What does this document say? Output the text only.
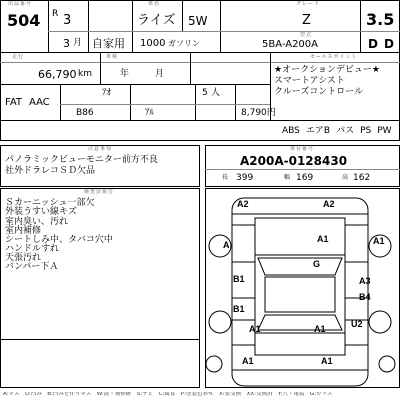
出品番号	車名	グレード
504 R 3	ライズ 5W	Z	3.5
3 月 自家用 1000 ガソリン
型式
5BA-A200A	D D
走行	車検	セールスポイント
66,790 km	年	月	★オークションデビュー★
スマートアシスト
クルーズコントロール
FAT AAC
ｱｵ	5 人
B86	ｱﾙ	8,790円
ABS エアB パス PS PW
注意事項
パノラミックビューモニター前方不良
社外ドラレコＳＤ欠品
車台番号
A200A-0128430
長 399	幅 169	高 162
検査員報告
Ｓカーニッシュ一部欠
外装うすい線キズ
室内臭い、汚れ
室内補修
シートしみ中、タバコ穴中
ハンドルすれ
天張汚れ
バンパー下Ａ
A2	A2
A
A1	A1
G
B1	A3
B1
B4
U2
A1	A1
A1	A1
A:キズ　U:凹み　B:凹みを伴うキズ　W:波・補修跡　S:サビ　C:腐食　P:塗装色あせ　X:要交換　XX:交換済　Y:穴・亀裂　G:ガラス
